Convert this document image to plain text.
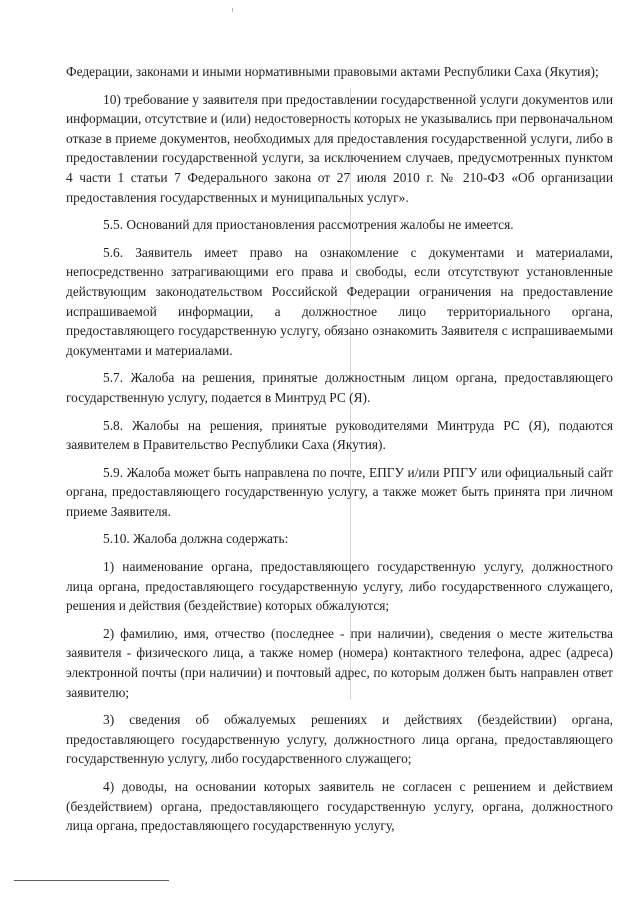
Федерации, законами и иными нормативными правовыми актами Республики Саха (Якутия);

10) требование у заявителя при предоставлении государственной услуги документов или информации, отсутствие и (или) недостоверность которых не указывались при первоначальном отказе в приеме документов, необходимых для предоставления государственной услуги, либо в предоставлении государственной услуги, за исключением случаев, предусмотренных пунктом 4 части 1 статьи 7 Федерального закона от 27 июля 2010 г. № 210-ФЗ «Об организации предоставления государственных и муниципальных услуг».

5.5. Оснований для приостановления рассмотрения жалобы не имеется.

5.6. Заявитель имеет право на ознакомление с документами и материалами, непосредственно затрагивающими его права и свободы, если отсутствуют установленные действующим законодательством Российской Федерации ограничения на предоставление испрашиваемой информации, а должностное лицо территориального органа, предоставляющего государственную услугу, обязано ознакомить Заявителя с испрашиваемыми документами и материалами.

5.7. Жалоба на решения, принятые должностным лицом органа, предоставляющего государственную услугу, подается в Минтруд РС (Я).

5.8. Жалобы на решения, принятые руководителями Минтруда РС (Я), подаются заявителем в Правительство Республики Саха (Якутия).

5.9. Жалоба может быть направлена по почте, ЕПГУ и/или РПГУ или официальный сайт органа, предоставляющего государственную услугу, а также может быть принята при личном приеме Заявителя.

5.10. Жалоба должна содержать:

1) наименование органа, предоставляющего государственную услугу, должностного лица органа, предоставляющего государственную услугу, либо государственного служащего, решения и действия (бездействие) которых обжалуются;

2) фамилию, имя, отчество (последнее - при наличии), сведения о месте жительства заявителя - физического лица, а также номер (номера) контактного телефона, адрес (адреса) электронной почты (при наличии) и почтовый адрес, по которым должен быть направлен ответ заявителю;

3) сведения об обжалуемых решениях и действиях (бездействии) органа, предоставляющего государственную услугу, должностного лица органа, предоставляющего государственную услугу, либо государственного служащего;

4) доводы, на основании которых заявитель не согласен с решением и действием (бездействием) органа, предоставляющего государственную услугу, органа, должностного лица органа, предоставляющего государственную услугу,
